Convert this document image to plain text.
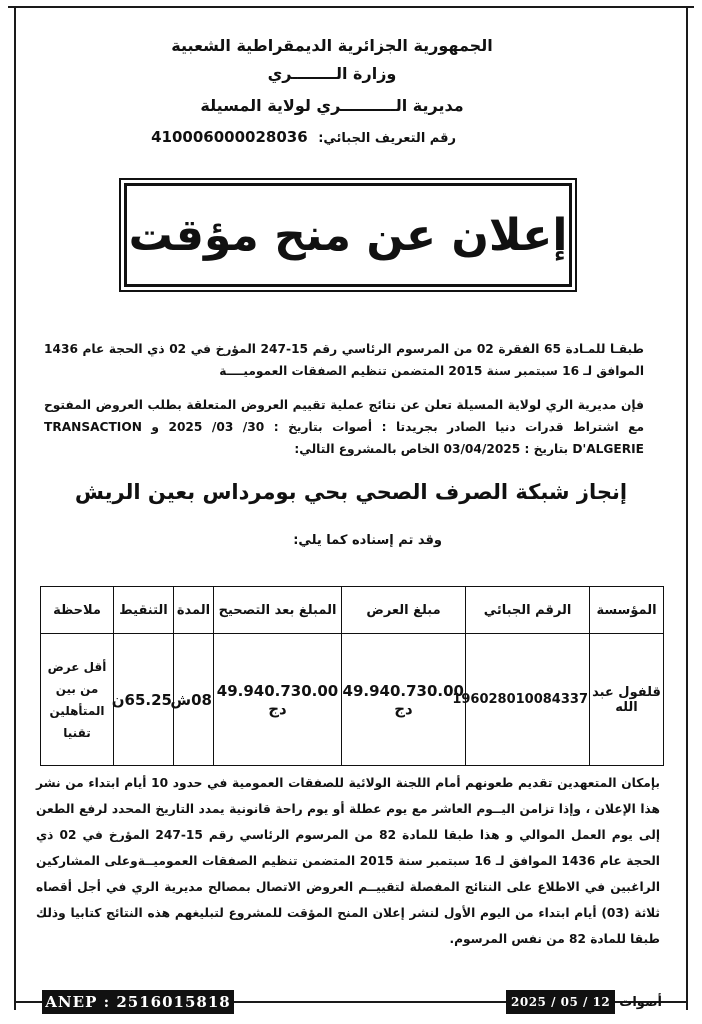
الجمهورية الجزائرية الديمقراطية الشعبية
وزارة الــــــــري
مديرية الــــــــــري لولاية المسيلة
رقم التعريف الجبائي: 410006000028036
إعلان عن منح مؤقت
طبقـا للمـادة 65 الفقرة 02 من المرسوم الرئاسي رقم 15-247 المؤرخ في 02 ذي الحجة عام 1436 الموافق لـ 16 سبتمبر سنة 2015 المتضمن تنظيم الصفقات العموميــــة
فإن مديرية الري لولاية المسيلة تعلن عن نتائج عملية تقييم العروض المتعلقة بطلب العروض المفتوح مع اشتراط قدرات دنيا الصادر بجريدتا : أصوات بتاريخ : 30/ 03/ 2025 و TRANSACTION D'ALGERIE بتاريخ : 03/04/2025 الخاص بالمشروع التالي:
إنجاز شبكة الصرف الصحي بحي بومرداس بعين الريش
وقد تم إسناده كما يلي:
المؤسسة	الرقم الجبائي	مبلغ العرض	المبلغ بعد التصحيح	المدة	التنقيط	ملاحظة
قلفول عبد الله	196028010084337	49.940.730.00 دج	49.940.730.00 دج	08ش	65.25ن	أقل عرض من بين المتأهلين تقنيا
بإمكان المتعهدين تقديم طعونهم أمام اللجنة الولائية للصفقات العمومية في حدود 10 أيام ابتداء من نشر هذا الإعلان ، وإذا تزامن اليــوم العاشر مع يوم عطلة أو يوم راحة قانونية يمدد التاريخ المحدد لرفع الطعن إلى يوم العمل الموالي و هذا طبقا للمادة 82 من المرسوم الرئاسي رقم 15-247 المؤرخ في 02 ذي الحجة عام 1436 الموافق لـ 16 سبتمبر سنة 2015 المتضمن تنظيم الصفقات العموميــةوعلى المشاركين الراغبين في الاطلاع على النتائج المفصلة لتقييــم العروض الاتصال بمصالح مديرية الري في أجل أقصاه ثلاثة (03) أيام ابتداء من اليوم الأول لنشر إعلان المنح المؤقت للمشروع لتبليغهم هذه النتائج كتابيا وذلك طبقا للمادة 82 من نفس المرسوم.
ANEP : 2516015818	2025 / 05 / 12 أصوات
